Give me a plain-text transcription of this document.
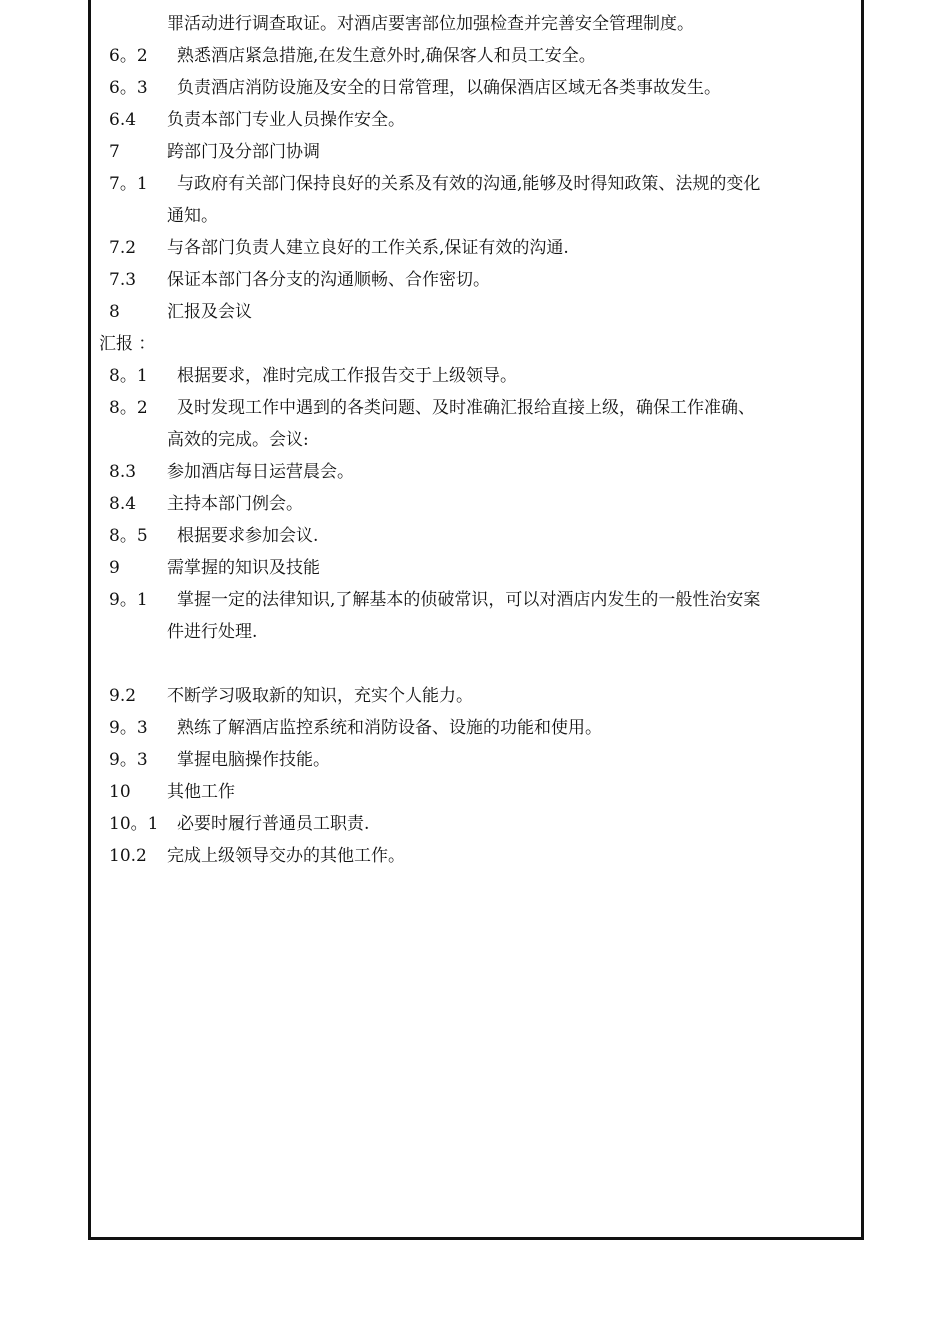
罪活动进行调查取证。对酒店要害部位加强检查并完善安全管理制度。
6。2	熟悉酒店紧急措施,在发生意外时,确保客人和员工安全。
6。3	负责酒店消防设施及安全的日常管理，以确保酒店区域无各类事故发生。
6.4	负责本部门专业人员操作安全。
7	跨部门及分部门协调
7。1	与政府有关部门保持良好的关系及有效的沟通,能够及时得知政策、法规的变化
通知。
7.2	与各部门负责人建立良好的工作关系,保证有效的沟通.
7.3	保证本部门各分支的沟通顺畅、合作密切。
8	汇报及会议
汇报 ：
8。1	根据要求，准时完成工作报告交于上级领导。
8。2	及时发现工作中遇到的各类问题、及时准确汇报给直接上级，确保工作准确、
高效的完成。会议:
8.3	参加酒店每日运营晨会。
8.4	主持本部门例会。
8。5	根据要求参加会议.
9	需掌握的知识及技能
9。1	掌握一定的法律知识,了解基本的侦破常识，可以对酒店内发生的一般性治安案
件进行处理.
9.2	不断学习吸取新的知识，充实个人能力。
9。3	熟练了解酒店监控系统和消防设备、设施的功能和使用。
9。3	掌握电脑操作技能。
10	其他工作
10。1	必要时履行普通员工职责.
10.2	完成上级领导交办的其他工作。
